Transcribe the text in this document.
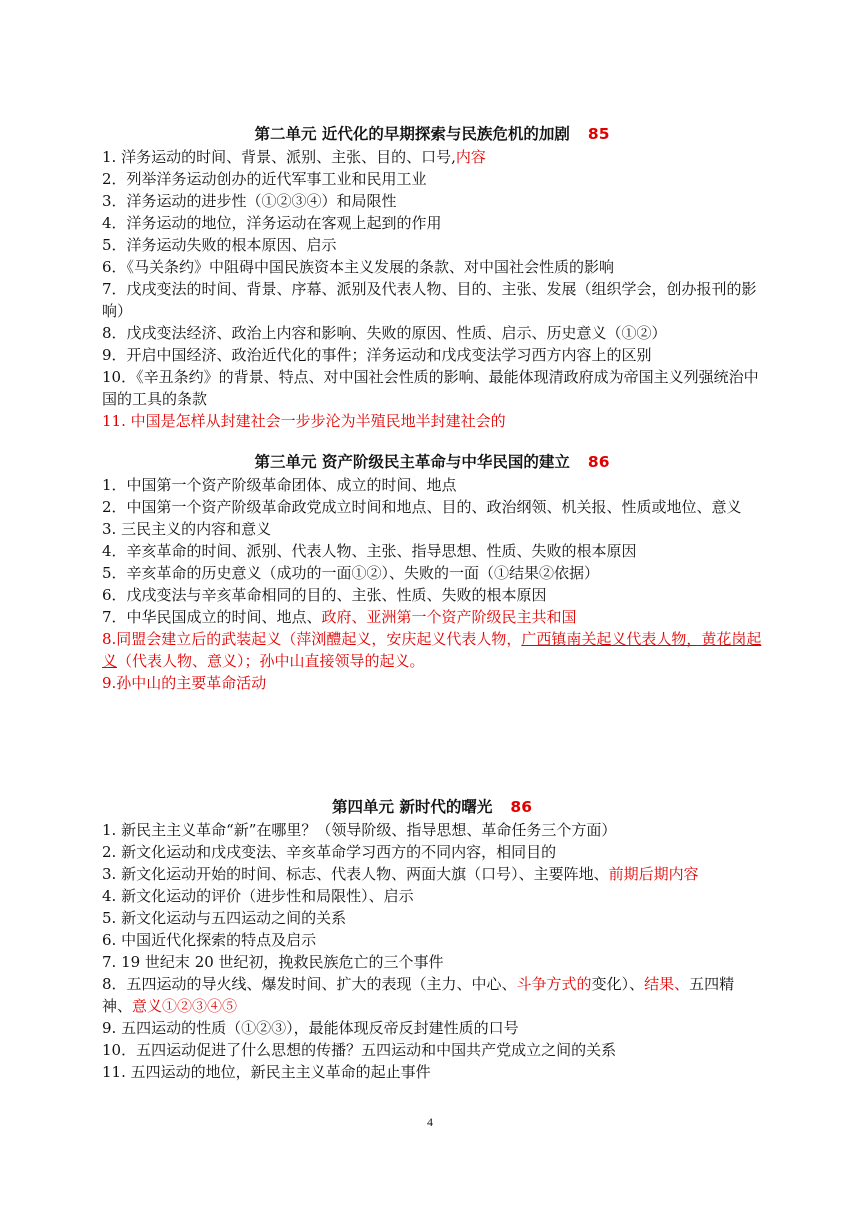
第二单元 近代化的早期探索与民族危机的加剧 85

1. 洋务运动的时间、背景、派别、主张、目的、口号,内容

2．列举洋务运动创办的近代军事工业和民用工业

3．洋务运动的进步性（①②③④）和局限性

4．洋务运动的地位，洋务运动在客观上起到的作用

5．洋务运动失败的根本原因、启示

6．《马关条约》中阻碍中国民族资本主义发展的条款、对中国社会性质的影响

7．戊戌变法的时间、背景、序幕、派别及代表人物、目的、主张、发展（组织学会，创办报刊的影响）

8．戊戌变法经济、政治上内容和影响、失败的原因、性质、启示、历史意义（①②）

9．开启中国经济、政治近代化的事件；洋务运动和戊戌变法学习西方内容上的区别

10．《辛丑条约》的背景、特点、对中国社会性质的影响、最能体现清政府成为帝国主义列强统治中国的工具的条款

11. 中国是怎样从封建社会一步步沦为半殖民地半封建社会的

第三单元 资产阶级民主革命与中华民国的建立 86

1．中国第一个资产阶级革命团体、成立的时间、地点

2．中国第一个资产阶级革命政党成立时间和地点、目的、政治纲领、机关报、性质或地位、意义

3. 三民主义的内容和意义

4．辛亥革命的时间、派别、代表人物、主张、指导思想、性质、失败的根本原因

5．辛亥革命的历史意义（成功的一面①②）、失败的一面（①结果②依据）

6．戊戌变法与辛亥革命相同的目的、主张、性质、失败的根本原因

7．中华民国成立的时间、地点、政府、亚洲第一个资产阶级民主共和国

8.同盟会建立后的武装起义（萍浏醴起义，安庆起义代表人物，广西镇南关起义代表人物，黄花岗起义（代表人物、意义）；孙中山直接领导的起义。

9.孙中山的主要革命活动

第四单元 新时代的曙光 86

1. 新民主主义革命“新”在哪里？（领导阶级、指导思想、革命任务三个方面）

2. 新文化运动和戊戌变法、辛亥革命学习西方的不同内容，相同目的

3. 新文化运动开始的时间、标志、代表人物、两面大旗（口号）、主要阵地、前期后期内容

4. 新文化运动的评价（进步性和局限性）、启示

5. 新文化运动与五四运动之间的关系

6. 中国近代化探索的特点及启示

7. 19 世纪末 20 世纪初，挽救民族危亡的三个事件

8．五四运动的导火线、爆发时间、扩大的表现（主力、中心、斗争方式的变化）、结果、五四精神、意义①②③④⑤

9. 五四运动的性质（①②③），最能体现反帝反封建性质的口号

10．五四运动促进了什么思想的传播？五四运动和中国共产党成立之间的关系

11. 五四运动的地位，新民主主义革命的起止事件

4
